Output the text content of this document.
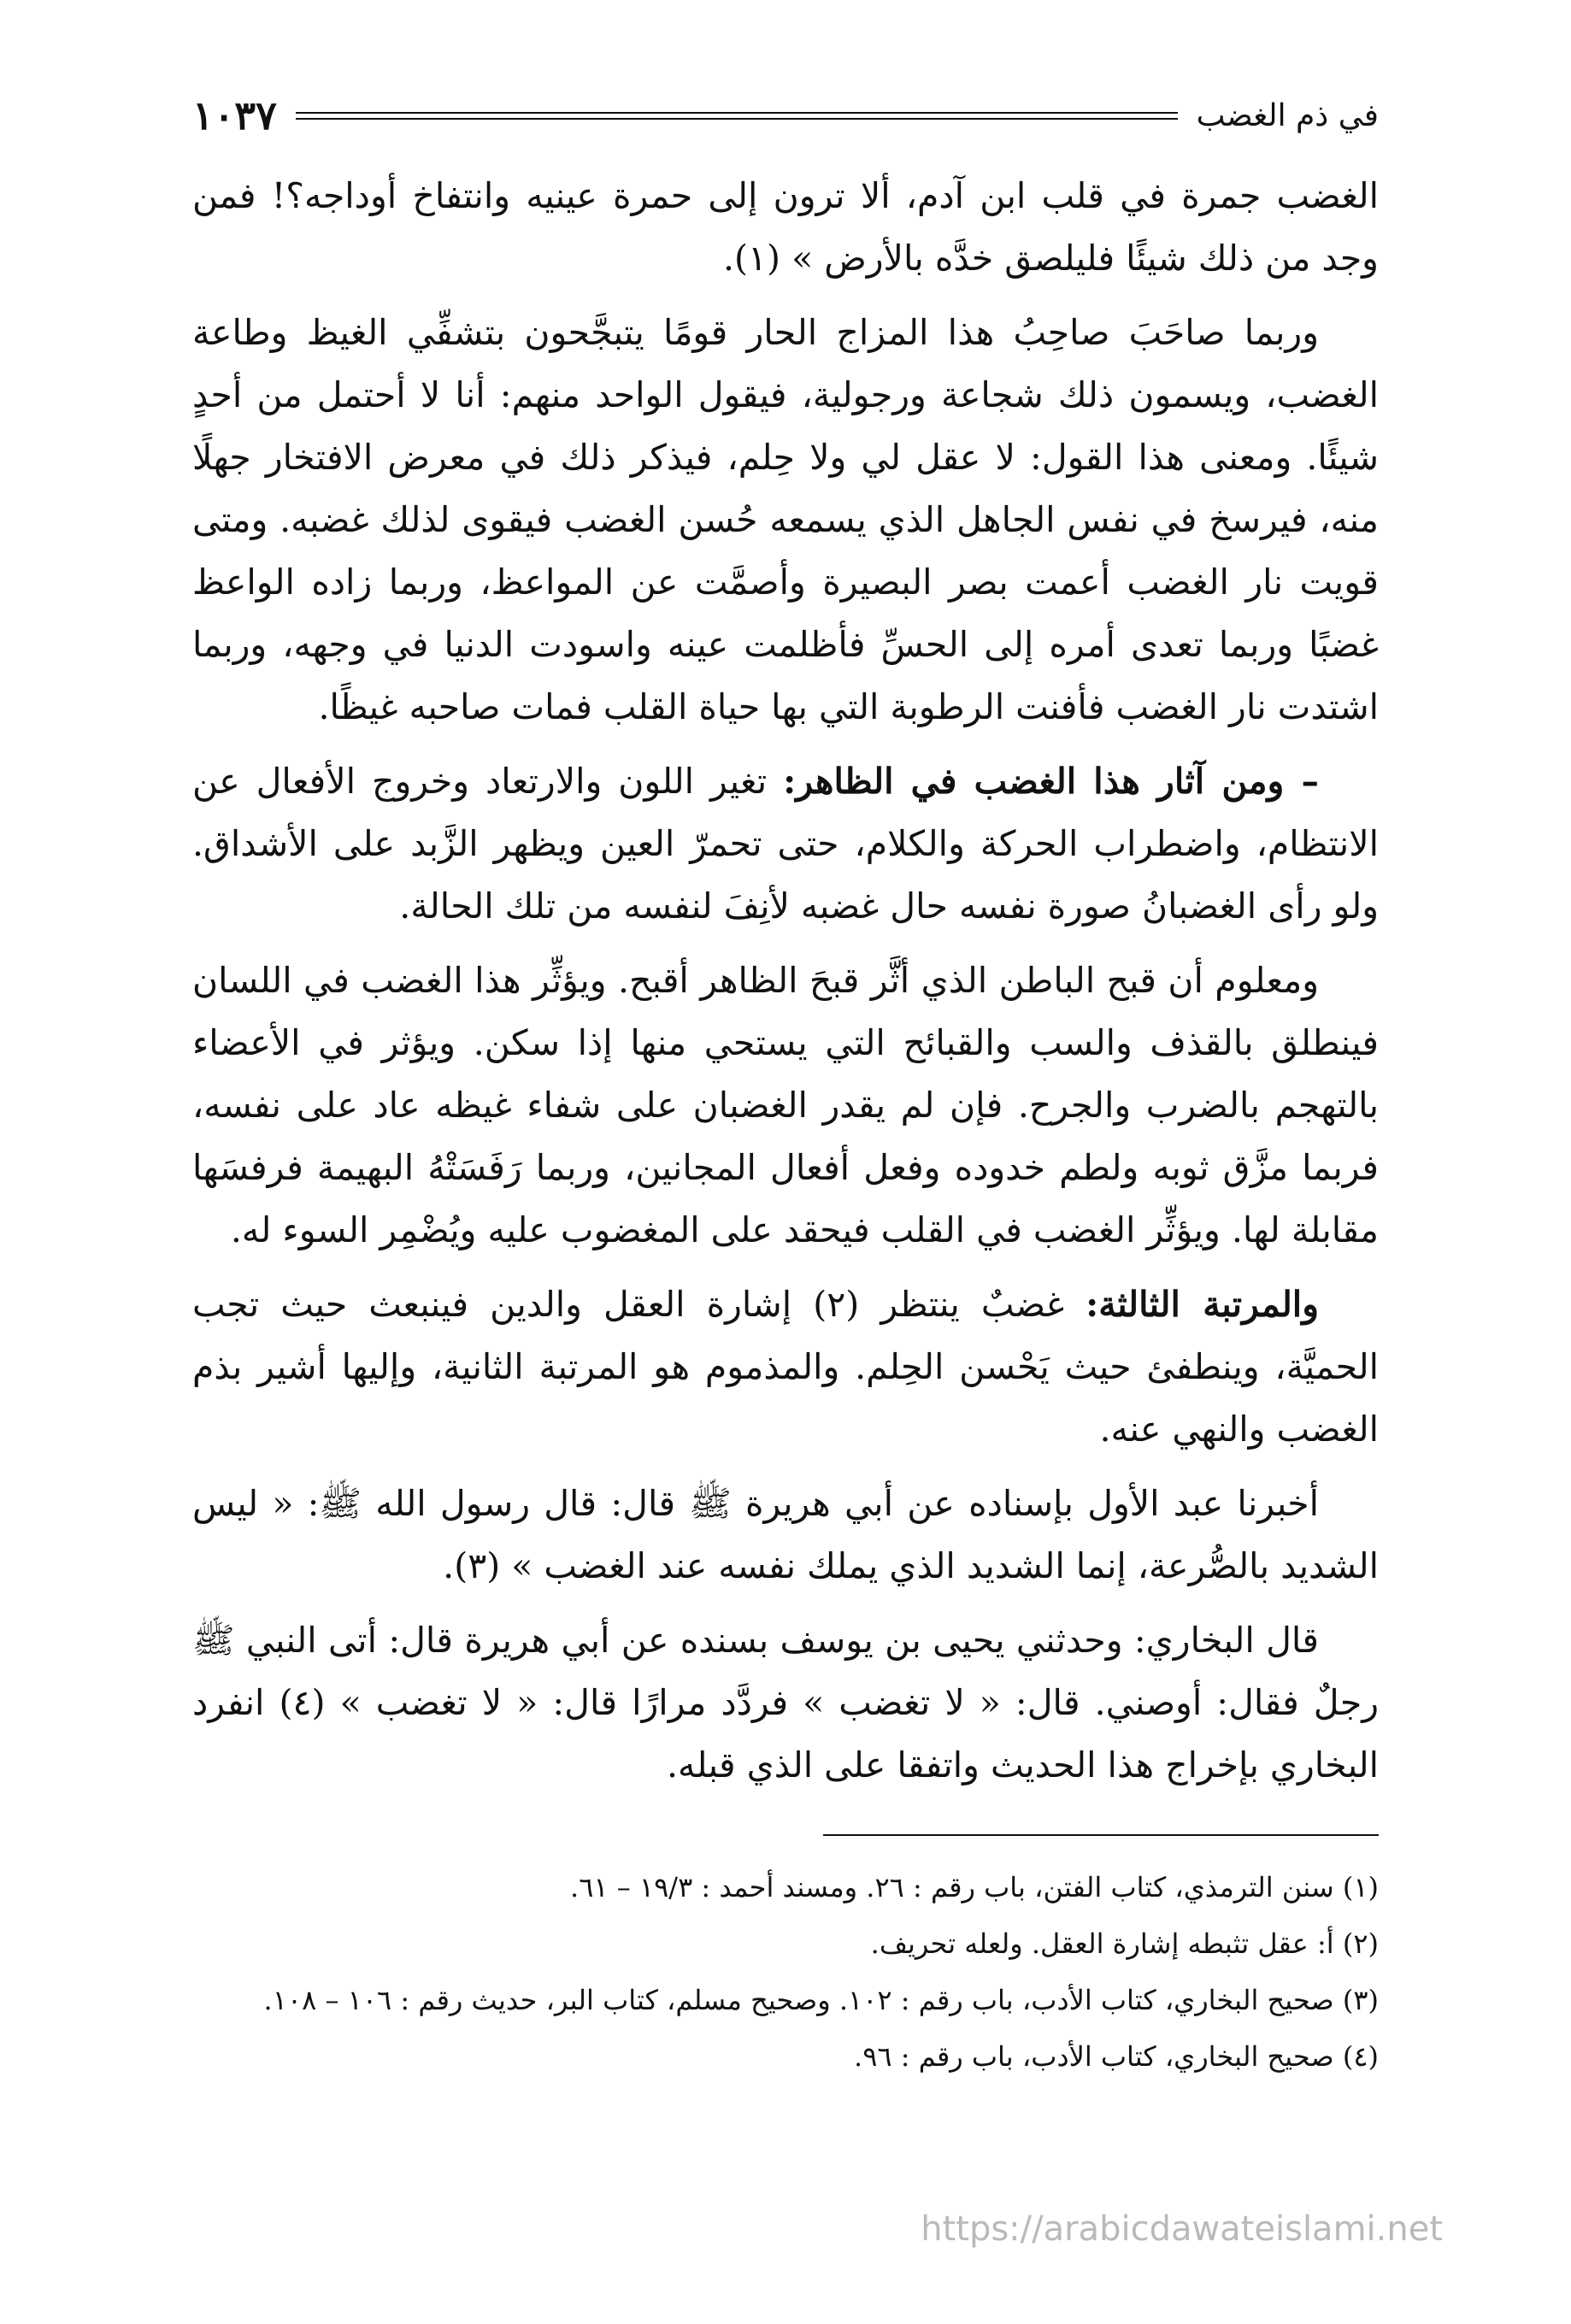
في ذم الغضب
١٠٣٧

الغضب جمرة في قلب ابن آدم، ألا ترون إلى حمرة عينيه وانتفاخ أوداجه؟! فمن وجد من ذلك شيئًا فليلصق خدَّه بالأرض » (١).

وربما صاحَبَ صاحِبُ هذا المزاج الحار قومًا يتبجَّحون بتشفِّي الغيظ وطاعة الغضب، ويسمون ذلك شجاعة ورجولية، فيقول الواحد منهم: أنا لا أحتمل من أحدٍ شيئًا. ومعنى هذا القول: لا عقل لي ولا حِلم، فيذكر ذلك في معرض الافتخار جهلًا منه، فيرسخ في نفس الجاهل الذي يسمعه حُسن الغضب فيقوى لذلك غضبه. ومتى قويت نار الغضب أعمت بصر البصيرة وأصمَّت عن المواعظ، وربما زاده الواعظ غضبًا وربما تعدى أمره إلى الحسِّ فأظلمت عينه واسودت الدنيا في وجهه، وربما اشتدت نار الغضب فأفنت الرطوبة التي بها حياة القلب فمات صاحبه غيظًا.

– ومن آثار هذا الغضب في الظاهر: تغير اللون والارتعاد وخروج الأفعال عن الانتظام، واضطراب الحركة والكلام، حتى تحمرّ العين ويظهر الزَّبد على الأشداق. ولو رأى الغضبانُ صورة نفسه حال غضبه لأنِفَ لنفسه من تلك الحالة.

ومعلوم أن قبح الباطن الذي أثَّر قبحَ الظاهر أقبح. ويؤثِّر هذا الغضب في اللسان فينطلق بالقذف والسب والقبائح التي يستحي منها إذا سكن. ويؤثر في الأعضاء بالتهجم بالضرب والجرح. فإن لم يقدر الغضبان على شفاء غيظه عاد على نفسه، فربما مزَّق ثوبه ولطم خدوده وفعل أفعال المجانين، وربما رَفَسَتْهُ البهيمة فرفسَها مقابلة لها. ويؤثِّر الغضب في القلب فيحقد على المغضوب عليه ويُضْمِر السوء له.

والمرتبة الثالثة: غضبٌ ينتظر (٢) إشارة العقل والدين فينبعث حيث تجب الحميَّة، وينطفئ حيث يَحْسن الحِلم. والمذموم هو المرتبة الثانية، وإليها أشير بذم الغضب والنهي عنه.

أخبرنا عبد الأول بإسناده عن أبي هريرة ﷺ قال: قال رسول الله ﷺ: « ليس الشديد بالصُّرعة، إنما الشديد الذي يملك نفسه عند الغضب » (٣).

قال البخاري: وحدثني يحيى بن يوسف بسنده عن أبي هريرة قال: أتى النبي ﷺ رجلٌ فقال: أوصني. قال: « لا تغضب » فردَّد مرارًا قال: « لا تغضب » (٤) انفرد البخاري بإخراج هذا الحديث واتفقا على الذي قبله.

(١) سنن الترمذي، كتاب الفتن، باب رقم : ٢٦. ومسند أحمد : ١٩/٣ – ٦١.
(٢) أ: عقل تثبطه إشارة العقل. ولعله تحريف.
(٣) صحيح البخاري، كتاب الأدب، باب رقم : ١٠٢. وصحيح مسلم، كتاب البر، حديث رقم : ١٠٦ – ١٠٨.
(٤) صحيح البخاري، كتاب الأدب، باب رقم : ٩٦.
https://arabicdawateislami.net
